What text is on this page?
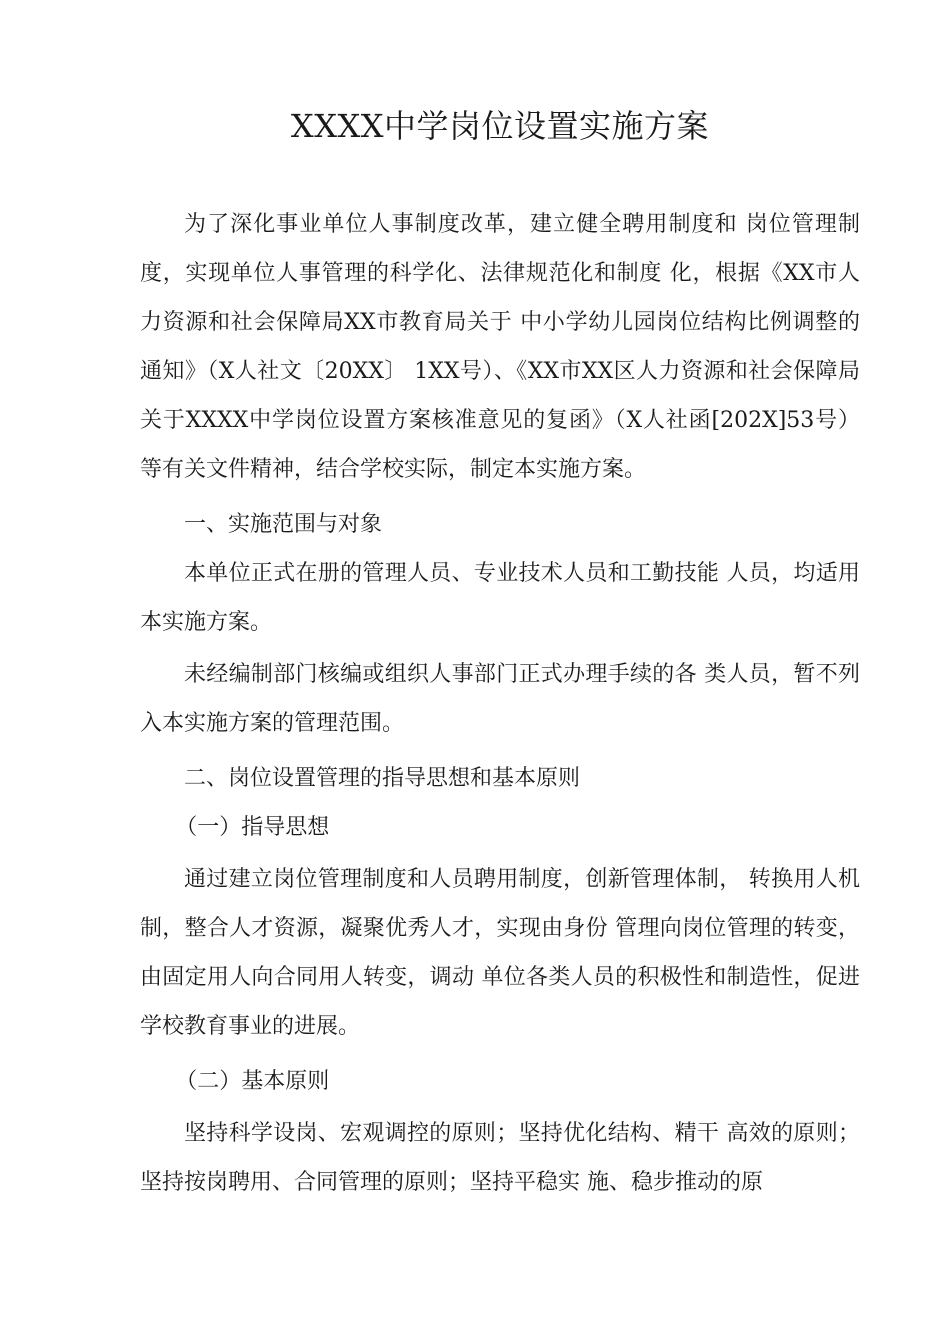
XXXX中学岗位设置实施方案

为了深化事业单位人事制度改革，建立健全聘用制度和 岗位管理制度，实现单位人事管理的科学化、法律规范化和制度 化，根据《XX市人力资源和社会保障局XX市教育局关于 中小学幼儿园岗位结构比例调整的通知》（X人社文〔20XX〕 1XX号）、《XX市XX区人力资源和社会保障局关于XXXX中学岗位设置方案核准意见的复函》（X人社函[202X]53号）等有关文件精神，结合学校实际，制定本实施方案。

一、实施范围与对象

本单位正式在册的管理人员、专业技术人员和工勤技能 人员，均适用本实施方案。

未经编制部门核编或组织人事部门正式办理手续的各 类人员，暂不列入本实施方案的管理范围。

二、岗位设置管理的指导思想和基本原则

（一）指导思想

通过建立岗位管理制度和人员聘用制度，创新管理体制， 转换用人机制，整合人才资源，凝聚优秀人才，实现由身份 管理向岗位管理的转变，由固定用人向合同用人转变，调动 单位各类人员的积极性和制造性，促进学校教育事业的进展。

（二）基本原则

坚持科学设岗、宏观调控的原则；坚持优化结构、精干 高效的原则；坚持按岗聘用、合同管理的原则；坚持平稳实 施、稳步推动的原
